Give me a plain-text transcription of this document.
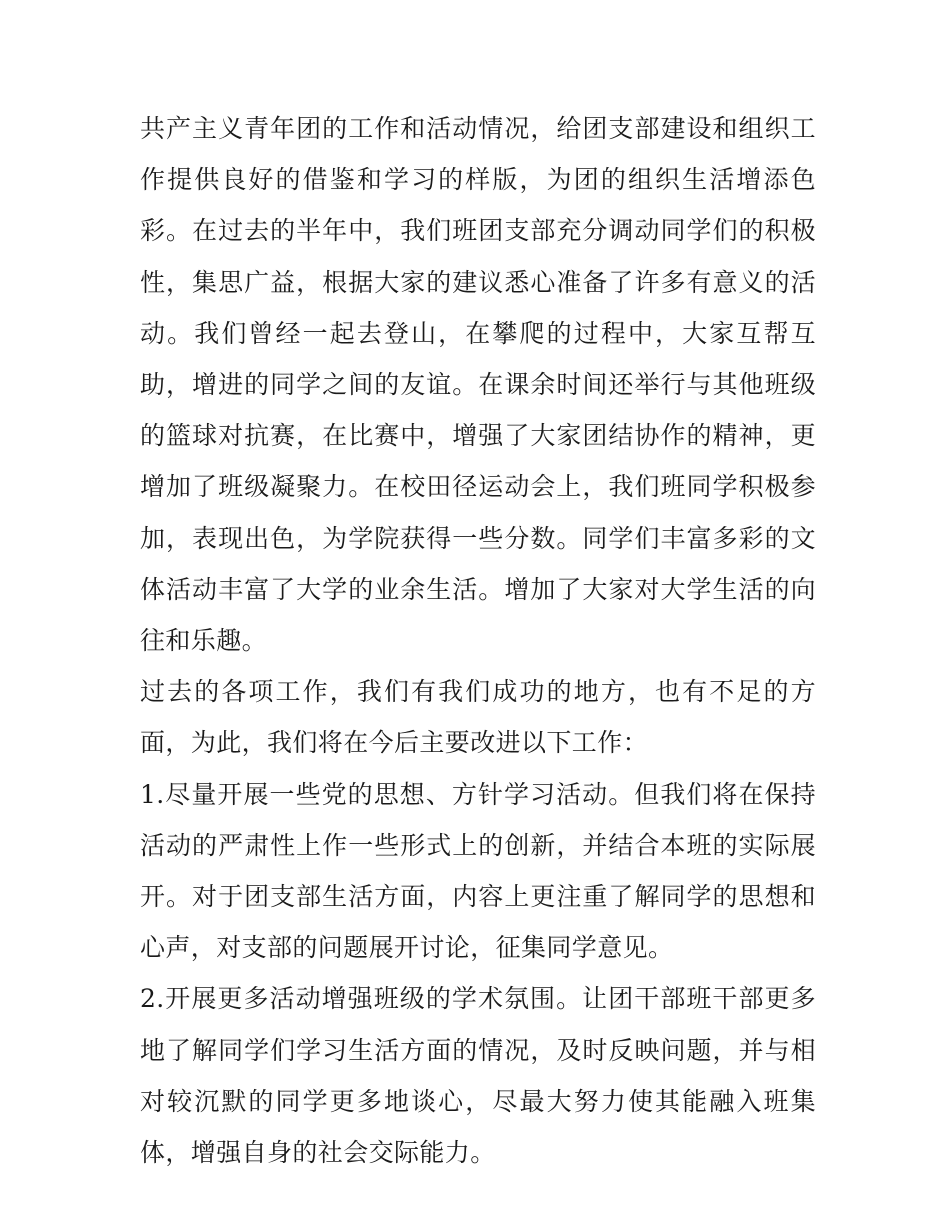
共产主义青年团的工作和活动情况，给团支部建设和组织工作提供良好的借鉴和学习的样版，为团的组织生活增添色彩。在过去的半年中，我们班团支部充分调动同学们的积极性，集思广益，根据大家的建议悉心准备了许多有意义的活动。我们曾经一起去登山，在攀爬的过程中，大家互帮互助，增进的同学之间的友谊。在课余时间还举行与其他班级的篮球对抗赛，在比赛中，增强了大家团结协作的精神，更增加了班级凝聚力。在校田径运动会上，我们班同学积极参加，表现出色，为学院获得一些分数。同学们丰富多彩的文体活动丰富了大学的业余生活。增加了大家对大学生活的向往和乐趣。

过去的各项工作，我们有我们成功的地方，也有不足的方面，为此，我们将在今后主要改进以下工作：

1.尽量开展一些党的思想、方针学习活动。但我们将在保持活动的严肃性上作一些形式上的创新，并结合本班的实际展开。对于团支部生活方面，内容上更注重了解同学的思想和心声，对支部的问题展开讨论，征集同学意见。

2.开展更多活动增强班级的学术氛围。让团干部班干部更多地了解同学们学习生活方面的情况，及时反映问题，并与相对较沉默的同学更多地谈心，尽最大努力使其能融入班集体，增强自身的社会交际能力。
